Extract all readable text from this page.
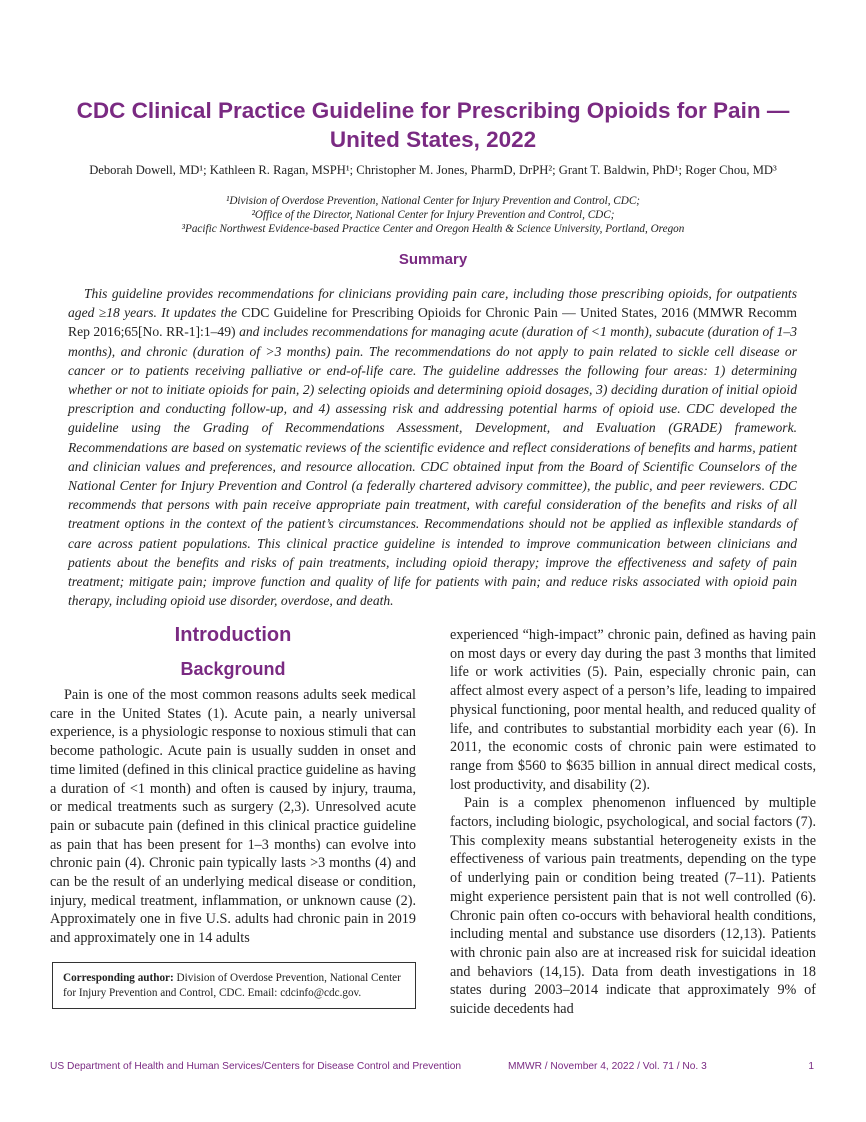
CDC Clinical Practice Guideline for Prescribing Opioids for Pain —
United States, 2022
Deborah Dowell, MD¹; Kathleen R. Ragan, MSPH¹; Christopher M. Jones, PharmD, DrPH²; Grant T. Baldwin, PhD¹; Roger Chou, MD³
¹Division of Overdose Prevention, National Center for Injury Prevention and Control, CDC;
²Office of the Director, National Center for Injury Prevention and Control, CDC;
³Pacific Northwest Evidence-based Practice Center and Oregon Health & Science University, Portland, Oregon
Summary

This guideline provides recommendations for clinicians providing pain care, including those prescribing opioids, for outpatients aged ≥18 years. It updates the CDC Guideline for Prescribing Opioids for Chronic Pain — United States, 2016 (MMWR Recomm Rep 2016;65[No. RR-1]:1–49) and includes recommendations for managing acute (duration of <1 month), subacute (duration of 1–3 months), and chronic (duration of >3 months) pain. The recommendations do not apply to pain related to sickle cell disease or cancer or to patients receiving palliative or end-of-life care. The guideline addresses the following four areas: 1) determining whether or not to initiate opioids for pain, 2) selecting opioids and determining opioid dosages, 3) deciding duration of initial opioid prescription and conducting follow-up, and 4) assessing risk and addressing potential harms of opioid use. CDC developed the guideline using the Grading of Recommendations Assessment, Development, and Evaluation (GRADE) framework. Recommendations are based on systematic reviews of the scientific evidence and reflect considerations of benefits and harms, patient and clinician values and preferences, and resource allocation. CDC obtained input from the Board of Scientific Counselors of the National Center for Injury Prevention and Control (a federally chartered advisory committee), the public, and peer reviewers. CDC recommends that persons with pain receive appropriate pain treatment, with careful consideration of the benefits and risks of all treatment options in the context of the patient’s circumstances. Recommendations should not be applied as inflexible standards of care across patient populations. This clinical practice guideline is intended to improve communication between clinicians and patients about the benefits and risks of pain treatments, including opioid therapy; improve the effectiveness and safety of pain treatment; mitigate pain; improve function and quality of life for patients with pain; and reduce risks associated with opioid pain therapy, including opioid use disorder, overdose, and death.

Introduction
Background

Pain is one of the most common reasons adults seek medical care in the United States (1). Acute pain, a nearly universal experience, is a physiologic response to noxious stimuli that can become pathologic. Acute pain is usually sudden in onset and time limited (defined in this clinical practice guideline as having a duration of <1 month) and often is caused by injury, trauma, or medical treatments such as surgery (2,3). Unresolved acute pain or subacute pain (defined in this clinical practice guideline as pain that has been present for 1–3 months) can evolve into chronic pain (4). Chronic pain typically lasts >3 months (4) and can be the result of an underlying medical disease or condition, injury, medical treatment, inflammation, or unknown cause (2). Approximately one in five U.S. adults had chronic pain in 2019 and approximately one in 14 adults

experienced “high-impact” chronic pain, defined as having pain on most days or every day during the past 3 months that limited life or work activities (5). Pain, especially chronic pain, can affect almost every aspect of a person’s life, leading to impaired physical functioning, poor mental health, and reduced quality of life, and contributes to substantial morbidity each year (6). In 2011, the economic costs of chronic pain were estimated to range from $560 to $635 billion in annual direct medical costs, lost productivity, and disability (2).

Pain is a complex phenomenon influenced by multiple factors, including biologic, psychological, and social factors (7). This complexity means substantial heterogeneity exists in the effectiveness of various pain treatments, depending on the type of underlying pain or condition being treated (7–11). Patients might experience persistent pain that is not well controlled (6). Chronic pain often co-occurs with behavioral health conditions, including mental and substance use disorders (12,13). Patients with chronic pain also are at increased risk for suicidal ideation and behaviors (14,15). Data from death investigations in 18 states during 2003–2014 indicate that approximately 9% of suicide decedents had

Corresponding author: Division of Overdose Prevention, National Center for Injury Prevention and Control, CDC. Email: cdcinfo@cdc.gov.
US Department of Health and Human Services/Centers for Disease Control and Prevention	MMWR / November 4, 2022 / Vol. 71 / No. 3	1
